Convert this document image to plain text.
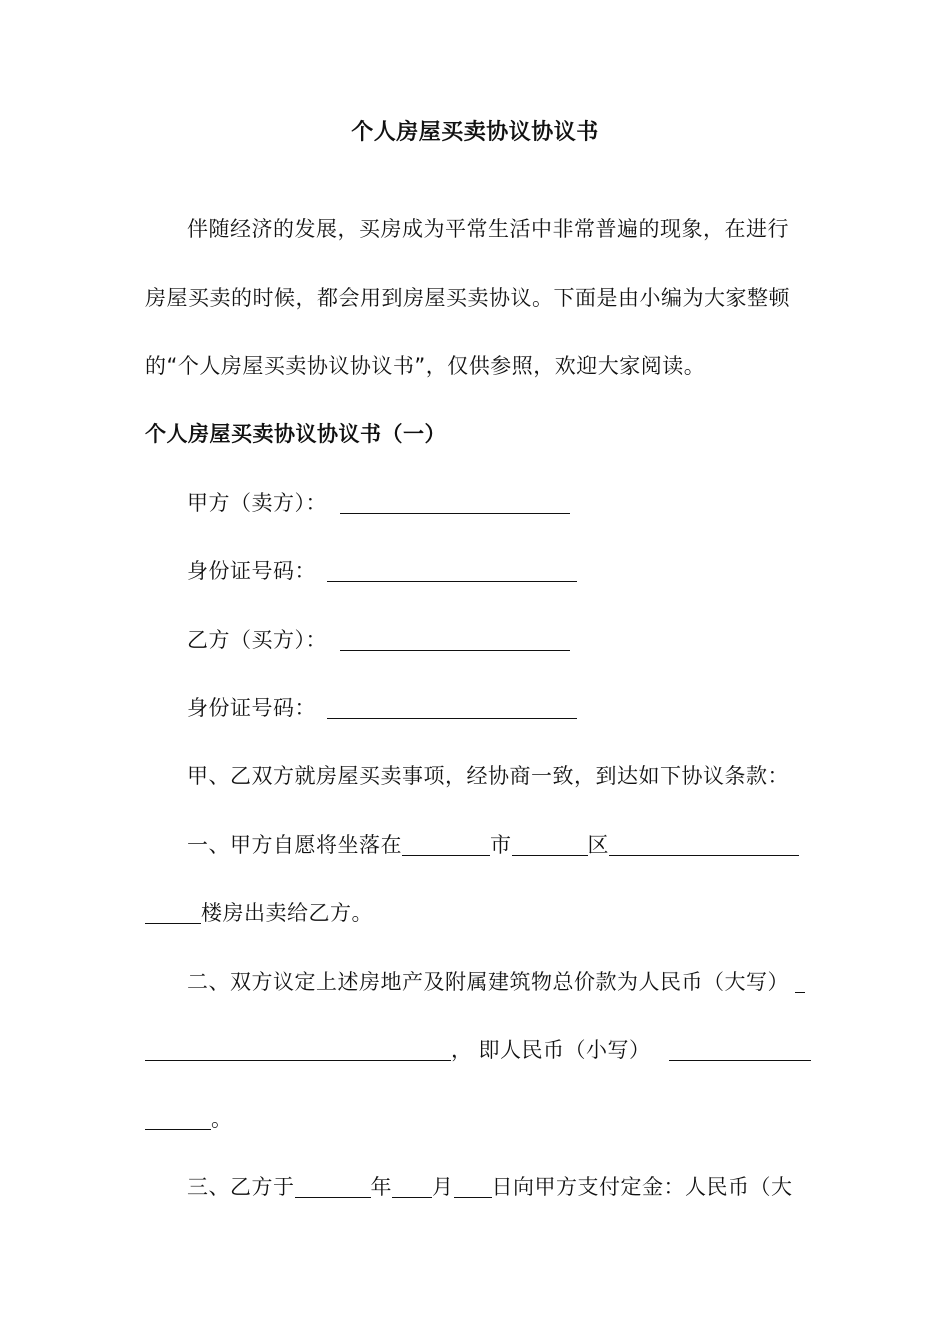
个人房屋买卖协议协议书
伴随经济的发展，买房成为平常生活中非常普遍的现象，在进行
房屋买卖的时候，都会用到房屋买卖协议。下面是由小编为大家整顿
的“个人房屋买卖协议协议书”，仅供参照，欢迎大家阅读。
个人房屋买卖协议协议书（一）
甲方（卖方）：
身份证号码：
乙方（买方）：
身份证号码：
甲、乙双方就房屋买卖事项，经协商一致，到达如下协议条款：
一、甲方自愿将坐落在	市	区
楼房出卖给乙方。
二、双方议定上述房地产及附属建筑物总价款为人民币（大写）
， 即人民币（小写）
。
三、乙方于	年 月 日向甲方支付定金：人民币（大
